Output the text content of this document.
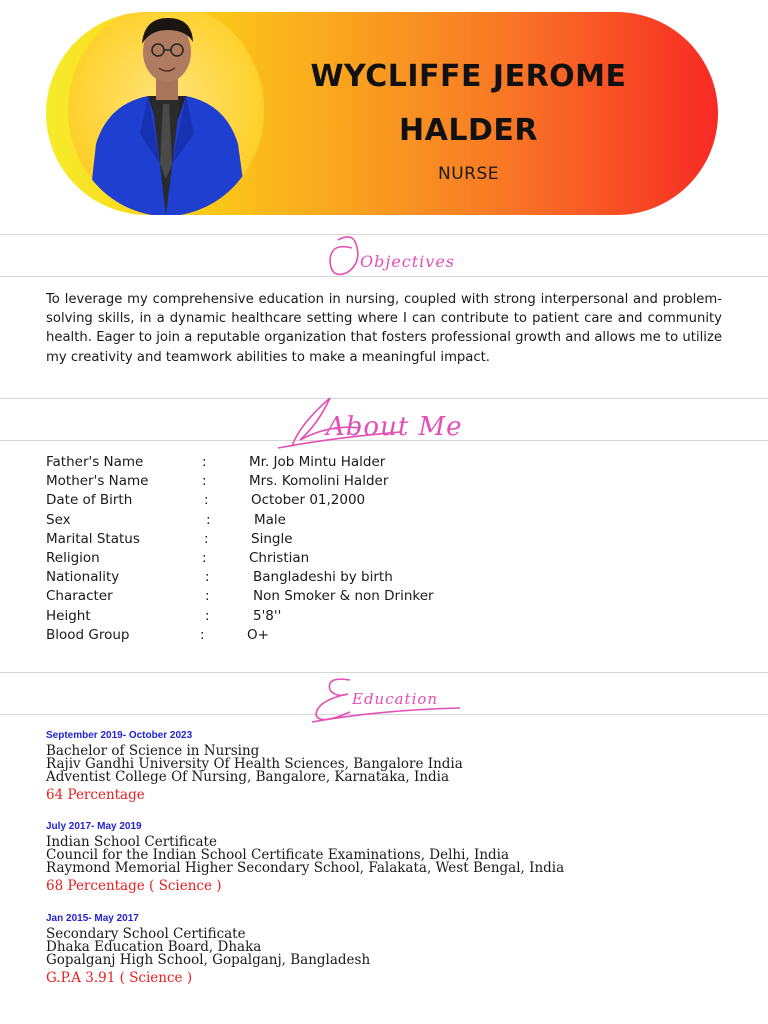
WYCLIFFE JEROME
HALDER
NURSE
Objectives
To leverage my comprehensive education in nursing, coupled with strong interpersonal and problem-solving skills, in a dynamic healthcare setting where I can contribute to patient care and community health. Eager to join a reputable organization that fosters professional growth and allows me to utilize my creativity and teamwork abilities to make a meaningful impact.
About Me
Father's Name	:	Mr. Job Mintu Halder
Mother's Name	:	Mrs. Komolini Halder
Date of Birth	:	October 01,2000
Sex	:	Male
Marital Status	:	Single
Religion	:	Christian
Nationality	:	Bangladeshi by birth
Character	:	Non Smoker & non Drinker
Height	:	5'8''
Blood Group	:	O+
Education
September 2019- October 2023
Bachelor of Science in Nursing
Rajiv Gandhi University Of Health Sciences, Bangalore India
Adventist College Of Nursing, Bangalore, Karnataka, India
64 Percentage
July 2017- May 2019
Indian School Certificate
Council for the Indian School Certificate Examinations, Delhi, India
Raymond Memorial Higher Secondary School, Falakata, West Bengal, India
68 Percentage ( Science )
Jan 2015- May 2017
Secondary School Certificate
Dhaka Education Board, Dhaka
Gopalganj High School, Gopalganj, Bangladesh
G.P.A 3.91 ( Science )
